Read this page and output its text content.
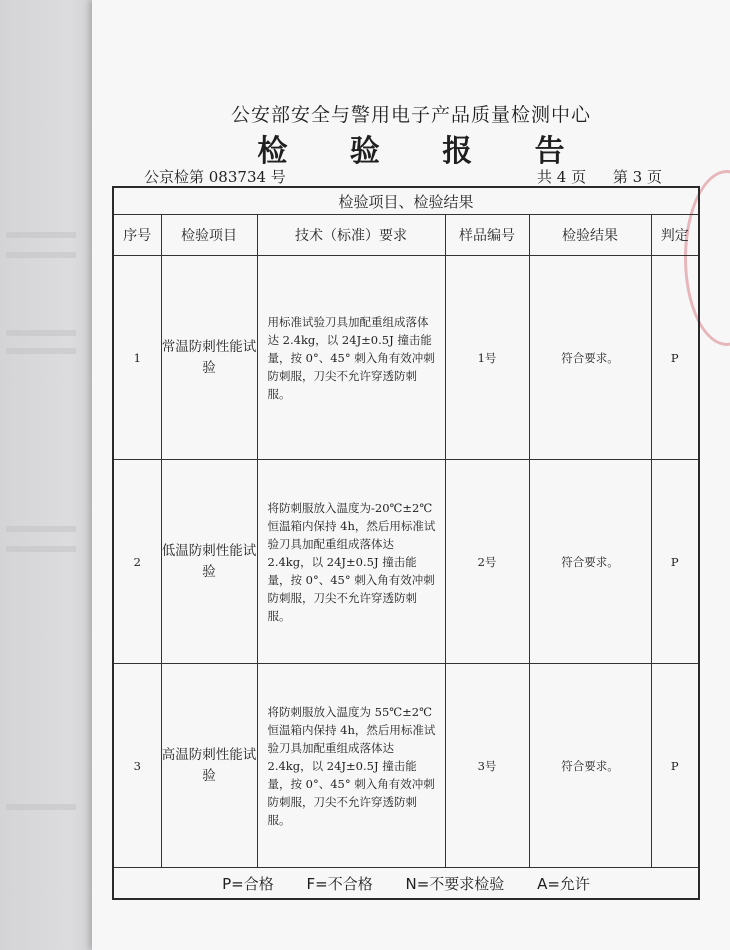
公安部安全与警用电子产品质量检测中心
检 验 报 告
公京检第 083734 号	共 4 页 第 3 页
检验项目、检验结果					
序号	检验项目	技术（标准）要求	样品编号	检验结果	判定
1	常温防刺性能试验	用标准试验刀具加配重组成落体达 2.4kg，以 24J±0.5J 撞击能量，按 0°、45° 刺入角有效冲刺防刺服，刀尖不允许穿透防刺服。	1号	符合要求。	P
2	低温防刺性能试验	将防刺服放入温度为-20℃±2℃恒温箱内保持 4h，然后用标准试验刀具加配重组成落体达 2.4kg，以 24J±0.5J 撞击能量，按 0°、45° 刺入角有效冲刺防刺服，刀尖不允许穿透防刺服。	2号	符合要求。	P
3	高温防刺性能试验	将防刺服放入温度为 55℃±2℃恒温箱内保持 4h，然后用标准试验刀具加配重组成落体达 2.4kg，以 24J±0.5J 撞击能量，按 0°、45° 刺入角有效冲刺防刺服，刀尖不允许穿透防刺服。	3号	符合要求。	P
P=合格 F=不合格 N=不要求检验 A=允许					
